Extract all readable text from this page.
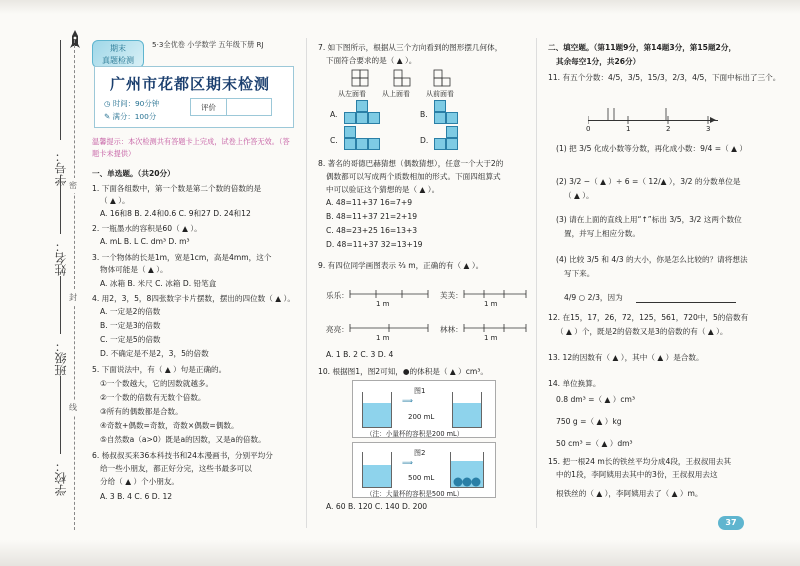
学号：
姓名：
班级：
学校：
密
封
线
期末
真题检测
5·3全优卷 小学数学 五年级下册 RJ
广州市花都区期末检测
◷ 时间：90分钟
✎ 满分：100分
评价
温馨提示：本次检测共有答题卡上完成，试卷上作答无效。（答题卡未提供）
一、单选题。（共20分）
1. 下面各组数中，第一个数是第二个数的倍数的是
（ ▲ ）。
A. 16和8 B. 2.4和0.6 C. 9和27 D. 24和12
2. 一瓶墨水的容积是60（ ▲ ）。
A. mL B. L C. dm³ D. m³
3. 一个物体的长是1m，宽是1cm，高是4mm，这个
物体可能是（ ▲ ）。
A. 冰箱 B. 米尺 C. 冰箱 D. 铅笔盒
4. 用2，3，5，8四张数字卡片摆数，摆出的四位数（ ▲ ）。
A. 一定是2的倍数
B. 一定是3的倍数
C. 一定是5的倍数
D. 不确定是不是2，3，5的倍数
5. 下面说法中，有（ ▲ ）句是正确的。
①一个数越大，它的因数就越多。
②一个数的倍数有无数个倍数。
③所有的偶数都是合数。
④奇数+偶数=奇数，奇数×偶数=偶数。
⑤自然数a（a>0）既是a的因数，又是a的倍数。
6. 杨叔叔买来36本科技书和24本漫画书，分别平均分
给一些小朋友，都正好分完，这些书最多可以
分给（ ▲ ）个小朋友。
A. 3 B. 4 C. 6 D. 12
7. 如下图所示，根据从三个方向看到的图形摆几何体，
下面符合要求的是（ ▲ ）。
从左面看 从上面看 从前面看
A.	B.
C.	D.
8. 著名的哥德巴赫猜想（偶数猜想），任意一个大于2的
偶数都可以写成两个质数相加的形式。下面四组算式
中可以验证这个猜想的是（ ▲ ）。
A. 48=11+37 16=7+9
B. 48=11+37 21=2+19
C. 48=23+25 16=13+3
D. 48=11+37 32=13+19
9. 有四位同学画图表示 ⅔ m，正确的有（ ▲ ）。
乐乐：	芙芙：
亮亮：	林林：
1 m	1 m
1 m	1 m
A. 1 B. 2 C. 3 D. 4
10. 根据图1，图2可知，●的体积是（ ▲ ）cm³。
图1
⟹
200 mL
（注：小量杯的容积是200 mL）
图2
⟹
500 mL
（注：大量杯的容积是500 mL）
A. 60 B. 120 C. 140 D. 200
二、填空题。（第11题9分，第14题3分，第15题2分，
其余每空1分，共26分）
11. 有五个分数：4/5，3/5，15/3，2/3，4/5，下面中标出了三个。
0	1	2	3
(1) 把 3/5 化成小数等分数，再化成小数：9/4 =（ ▲ ）
(2) 3/2 −（ ▲ ）÷ 6 =（ 12/▲ ），3/2 的分数单位是
（ ▲ ）。
(3) 请在上面的直线上用“↑”标出 3/5，3/2 这两个数位
置，并写上相应分数。
(4) 比较 3/5 和 4/3 的大小，你是怎么比较的？请将想法
写下来。
4/9 ○ 2/3，因为
12. 在15，17，26，72，125，561，720中，5的倍数有
（ ▲ ）个，既是2的倍数又是3的倍数的有（ ▲ ）。
13. 12的因数有（ ▲ ），其中（ ▲ ）是合数。
14. 单位换算。
0.8 dm³ =（ ▲ ）cm³
750 g =（ ▲ ）kg
50 cm³ =（ ▲ ）dm³
15. 把一根24 m长的铁丝平均分成4段，王叔叔用去其
中的1段，李阿姨用去其中的3份，王叔叔用去这
根铁丝的（ ▲ ），李阿姨用去了（ ▲ ）m。
37
